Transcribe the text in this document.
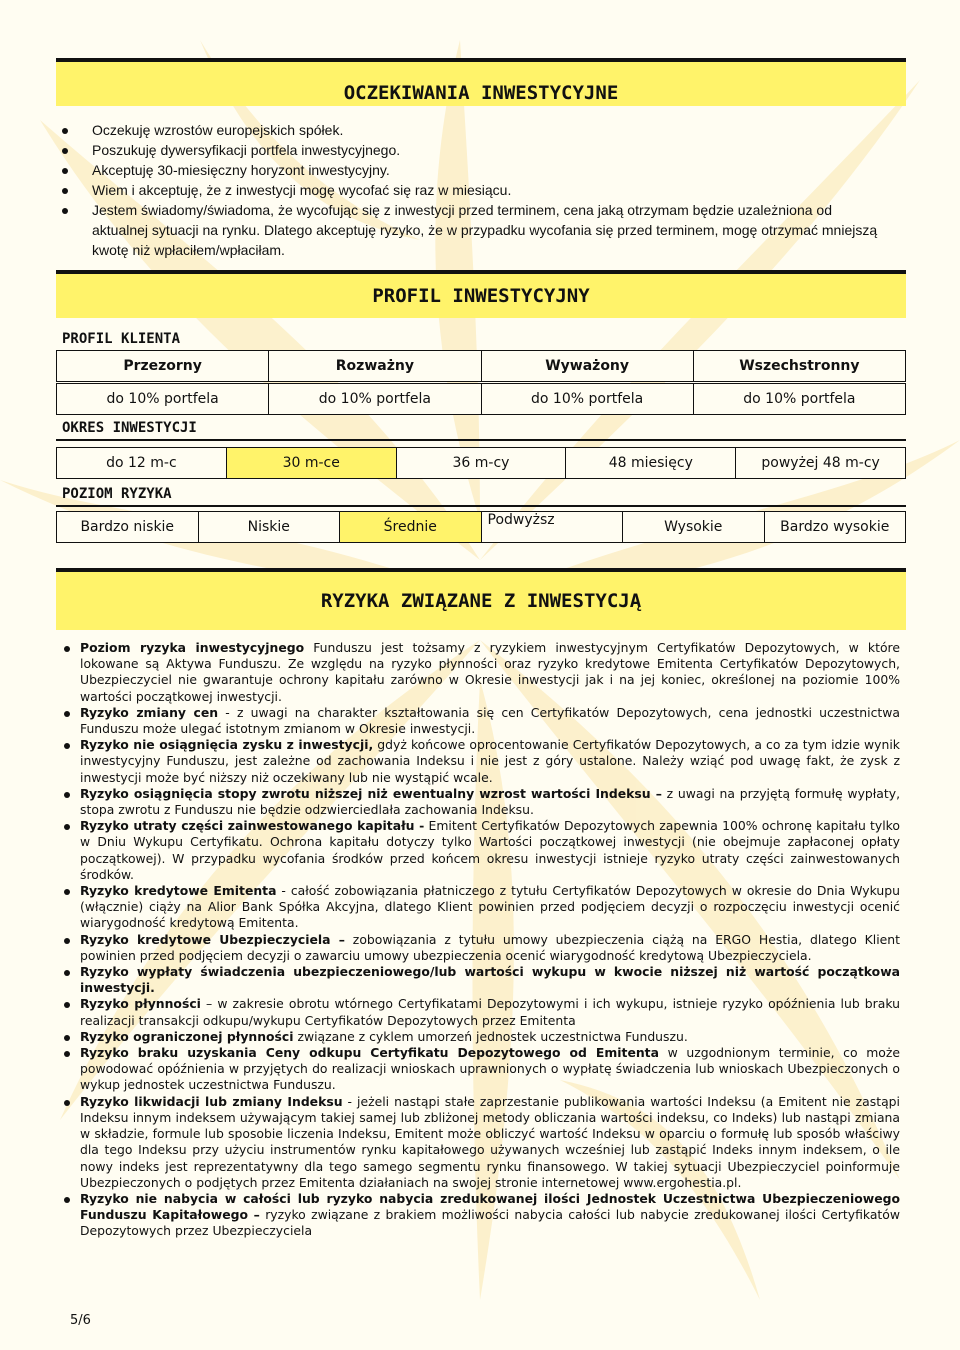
OCZEKIWANIA INWESTYCYJNE
Oczekuję wzrostów europejskich spółek.
Poszukuję dywersyfikacji portfela inwestycyjnego.
Akceptuję 30-miesięczny horyzont inwestycyjny.
Wiem i akceptuję, że z inwestycji mogę wycofać się raz w miesiącu.
Jestem świadomy/świadoma, że wycofując się z inwestycji przed terminem, cena jaką otrzymam będzie uzależniona od aktualnej sytuacji na rynku. Dlatego akceptuję ryzyko, że w przypadku wycofania się przed terminem, mogę otrzymać mniejszą kwotę niż wpłaciłem/wpłaciłam.
PROFIL INWESTYCYJNY
PROFIL KLIENTA
Przezorny	Rozważny	Wyważony	Wszechstronny
do 10% portfela	do 10% portfela	do 10% portfela	do 10% portfela
OKRES INWESTYCJI
do 12 m-c	30 m-ce	36 m-cy	48 miesięcy	powyżej 48 m-cy
POZIOM RYZYKA
Bardzo niskie	Niskie	Średnie	Podwyższ	Wysokie	Bardzo wysokie
RYZYKA ZWIĄZANE Z INWESTYCJĄ
Poziom ryzyka inwestycyjnego Funduszu jest tożsamy z ryzykiem inwestycyjnym Certyfikatów Depozytowych, w które lokowane są Aktywa Funduszu. Ze względu na ryzyko płynności oraz ryzyko kredytowe Emitenta Certyfikatów Depozytowych, Ubezpieczyciel nie gwarantuje ochrony kapitału zarówno w Okresie inwestycji jak i na jej koniec, określonej na poziomie 100% wartości początkowej inwestycji.
Ryzyko zmiany cen - z uwagi na charakter kształtowania się cen Certyfikatów Depozytowych, cena jednostki uczestnictwa Funduszu może ulegać istotnym zmianom w Okresie inwestycji.
Ryzyko nie osiągnięcia zysku z inwestycji, gdyż końcowe oprocentowanie Certyfikatów Depozytowych, a co za tym idzie wynik inwestycyjny Funduszu, jest zależne od zachowania Indeksu i nie jest z góry ustalone. Należy wziąć pod uwagę fakt, że zysk z inwestycji może być niższy niż oczekiwany lub nie wystąpić wcale.
Ryzyko osiągnięcia stopy zwrotu niższej niż ewentualny wzrost wartości Indeksu – z uwagi na przyjętą formułę wypłaty, stopa zwrotu z Funduszu nie będzie odzwierciedlała zachowania Indeksu.
Ryzyko utraty części zainwestowanego kapitału - Emitent Certyfikatów Depozytowych zapewnia 100% ochronę kapitału tylko w Dniu Wykupu Certyfikatu. Ochrona kapitału dotyczy tylko Wartości początkowej inwestycji (nie obejmuje zapłaconej opłaty początkowej). W przypadku wycofania środków przed końcem okresu inwestycji istnieje ryzyko utraty części zainwestowanych środków.
Ryzyko kredytowe Emitenta - całość zobowiązania płatniczego z tytułu Certyfikatów Depozytowych w okresie do Dnia Wykupu (włącznie) ciąży na Alior Bank Spółka Akcyjna, dlatego Klient powinien przed podjęciem decyzji o rozpoczęciu inwestycji ocenić wiarygodność kredytową Emitenta.
Ryzyko kredytowe Ubezpieczyciela – zobowiązania z tytułu umowy ubezpieczenia ciążą na ERGO Hestia, dlatego Klient powinien przed podjęciem decyzji o zawarciu umowy ubezpieczenia ocenić wiarygodność kredytową Ubezpieczyciela.
Ryzyko wypłaty świadczenia ubezpieczeniowego/lub wartości wykupu w kwocie niższej niż wartość początkowa inwestycji.
Ryzyko płynności – w zakresie obrotu wtórnego Certyfikatami Depozytowymi i ich wykupu, istnieje ryzyko opóźnienia lub braku realizacji transakcji odkupu/wykupu Certyfikatów Depozytowych przez Emitenta
Ryzyko ograniczonej płynności związane z cyklem umorzeń jednostek uczestnictwa Funduszu.
Ryzyko braku uzyskania Ceny odkupu Certyfikatu Depozytowego od Emitenta w uzgodnionym terminie, co może powodować opóźnienia w przyjętych do realizacji wnioskach uprawnionych o wypłatę świadczenia lub wnioskach Ubezpieczonych o wykup jednostek uczestnictwa Funduszu.
Ryzyko likwidacji lub zmiany Indeksu - jeżeli nastąpi stałe zaprzestanie publikowania wartości Indeksu (a Emitent nie zastąpi Indeksu innym indeksem używającym takiej samej lub zbliżonej metody obliczania wartości indeksu, co Indeks) lub nastąpi zmiana w składzie, formule lub sposobie liczenia Indeksu, Emitent może obliczyć wartość Indeksu w oparciu o formułę lub sposób właściwy dla tego Indeksu przy użyciu instrumentów rynku kapitałowego używanych wcześniej lub zastąpić Indeks innym indeksem, o ile nowy indeks jest reprezentatywny dla tego samego segmentu rynku finansowego. W takiej sytuacji Ubezpieczyciel poinformuje Ubezpieczonych o podjętych przez Emitenta działaniach na swojej stronie internetowej www.ergohestia.pl.
Ryzyko nie nabycia w całości lub ryzyko nabycia zredukowanej ilości Jednostek Uczestnictwa Ubezpieczeniowego Funduszu Kapitałowego – ryzyko związane z brakiem możliwości nabycia całości lub nabycie zredukowanej ilości Certyfikatów Depozytowych przez Ubezpieczyciela
5/6
